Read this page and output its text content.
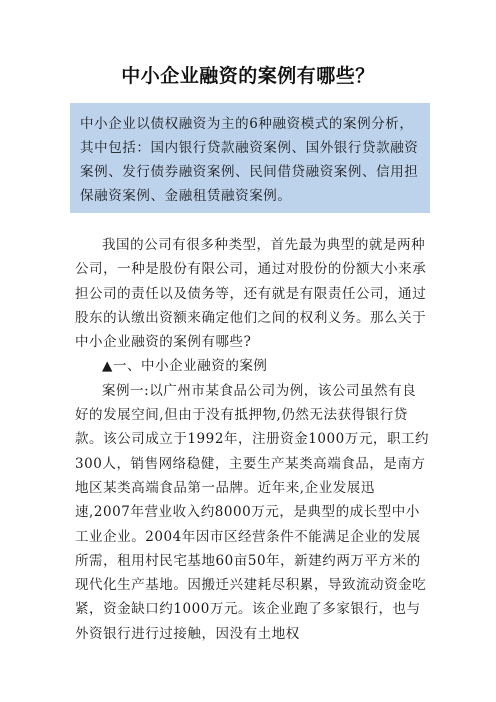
中小企业融资的案例有哪些？

中小企业以债权融资为主的6种融资模式的案例分析，其中包括：国内银行贷款融资案例、国外银行贷款融资案例、发行债券融资案例、民间借贷融资案例、信用担保融资案例、金融租赁融资案例。

我国的公司有很多种类型，首先最为典型的就是两种公司，一种是股份有限公司，通过对股份的份额大小来承担公司的责任以及债务等，还有就是有限责任公司，通过股东的认缴出资额来确定他们之间的权利义务。那么关于中小企业融资的案例有哪些?

▲一、中小企业融资的案例

案例一:以广州市某食品公司为例，该公司虽然有良好的发展空间,但由于没有抵押物,仍然无法获得银行贷款。该公司成立于1992年，注册资金1000万元，职工约300人，销售网络稳健，主要生产某类高端食品，是南方地区某类高端食品第一品牌。近年来,企业发展迅速,2007年营业收入约8000万元，是典型的成长型中小工业企业。2004年因市区经营条件不能满足企业的发展所需，租用村民宅基地60亩50年，新建约两万平方米的现代化生产基地。因搬迁兴建耗尽积累，导致流动资金吃紧，资金缺口约1000万元。该企业跑了多家银行，也与外资银行进行过接触，因没有土地权
